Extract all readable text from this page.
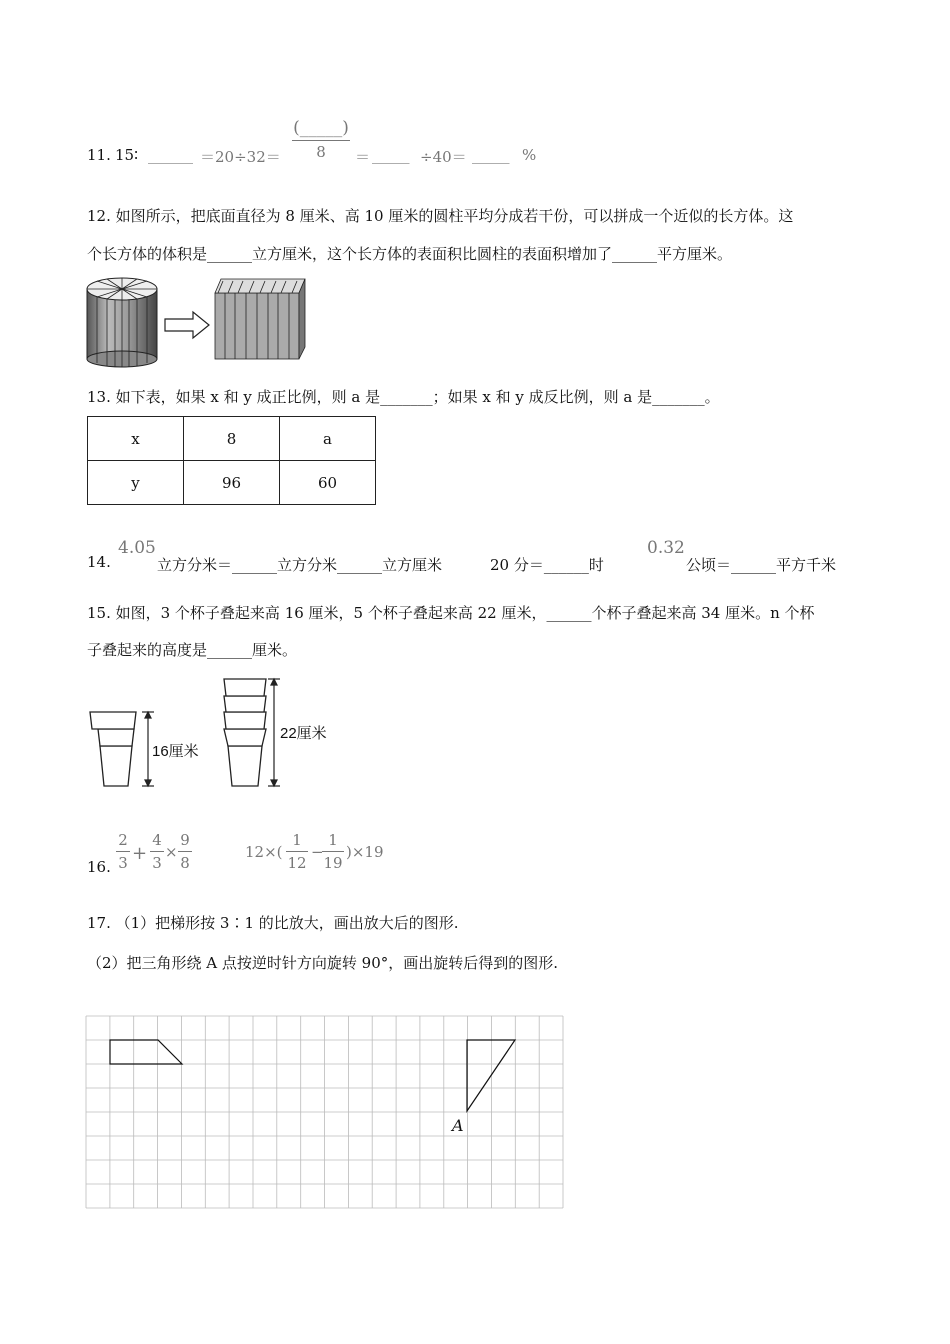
11. 15∶ ______ ＝20÷32＝
(_____)
8	＝ _____ ÷40＝ _____ %
12. 如图所示，把底面直径为 8 厘米、高 10 厘米的圆柱平均分成若干份，可以拼成一个近似的长方体。这
个长方体的体积是______立方厘米，这个长方体的表面积比圆柱的表面积增加了______平方厘米。
13. 如下表，如果 x 和 y 成正比例，则 a 是_______；如果 x 和 y 成反比例，则 a 是_______。
x	8	a
y	96	60
14.
4.05
立方分米＝______立方分米______立方厘米	20 分＝______时
0.32
公顷＝______平方千米
15. 如图，3 个杯子叠起来高 16 厘米，5 个杯子叠起来高 22 厘米，______个杯子叠起来高 34 厘米。n 个杯
子叠起来的高度是______厘米。
16厘米
22厘米
16.
2
3 +
4
3
×
9
8
12×(
1
12
−
1
19
)×19
17. （1）把梯形按 3∶1 的比放大，画出放大后的图形.
（2）把三角形绕 A 点按逆时针方向旋转 90°，画出旋转后得到的图形.
A
